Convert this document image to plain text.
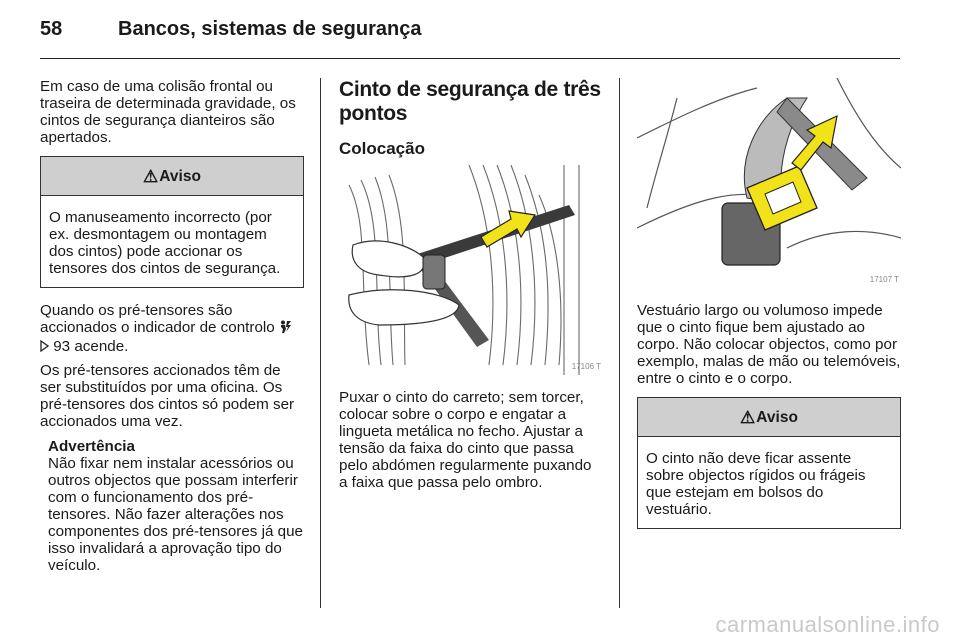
58	Bancos, sistemas de segurança

Em caso de uma colisão frontal ou traseira de determinada gravidade, os cintos de segurança dianteiros são apertados.

⚠ Aviso
O manuseamento incorrecto (por ex. desmontagem ou montagem dos cintos) pode accionar os tensores dos cintos de segurança.

Quando os pré-tensores são accionados o indicador de controlo   93 acende.

Os pré-tensores accionados têm de ser substituídos por uma oficina. Os pré-tensores dos cintos só podem ser accionados uma vez.

Advertência
Não fixar nem instalar acessórios ou outros objectos que possam interferir com o funcionamento dos pré-tensores. Não fazer alterações nos componentes dos pré-tensores já que isso invalidará a aprovação tipo do veículo.
Cinto de segurança de três pontos
Colocação
17106 T

Puxar o cinto do carreto; sem torcer, colocar sobre o corpo e engatar a lingueta metálica no fecho. Ajustar a tensão da faixa do cinto que passa pelo abdómen regularmente puxando a faixa que passa pelo ombro.

17107 T

Vestuário largo ou volumoso impede que o cinto fique bem ajustado ao corpo. Não colocar objectos, como por exemplo, malas de mão ou telemóveis, entre o cinto e o corpo.

⚠ Aviso
O cinto não deve ficar assente sobre objectos rígidos ou frágeis que estejam em bolsos do vestuário.
carmanualsonline.info
